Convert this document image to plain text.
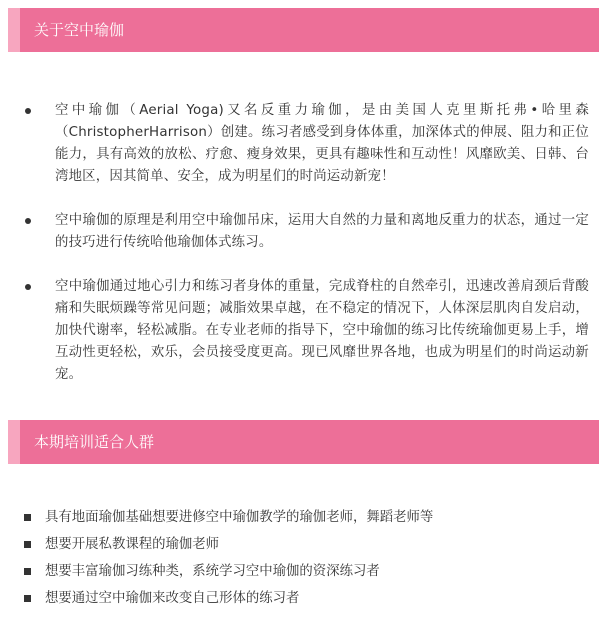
关于空中瑜伽
空中瑜伽（Aerial Yoga)又名反重力瑜伽，是由美国人克里斯托弗•哈里森（ChristopherHarrison）创建。练习者感受到身体体重，加深体式的伸展、阻力和正位能力，具有高效的放松、疗愈、瘦身效果，更具有趣味性和互动性！风靡欧美、日韩、台湾地区，因其简单、安全，成为明星们的时尚运动新宠！
空中瑜伽的原理是利用空中瑜伽吊床，运用大自然的力量和离地反重力的状态，通过一定的技巧进行传统哈他瑜伽体式练习。
空中瑜伽通过地心引力和练习者身体的重量，完成脊柱的自然牵引，迅速改善肩颈后背酸痛和失眠烦躁等常见问题；减脂效果卓越，在不稳定的情况下，人体深层肌肉自发启动，加快代谢率，轻松减脂。在专业老师的指导下，空中瑜伽的练习比传统瑜伽更易上手，增互动性更轻松，欢乐，会员接受度更高。现已风靡世界各地，也成为明星们的时尚运动新宠。
本期培训适合人群
具有地面瑜伽基础想要进修空中瑜伽教学的瑜伽老师，舞蹈老师等
想要开展私教课程的瑜伽老师
想要丰富瑜伽习练种类，系统学习空中瑜伽的资深练习者
想要通过空中瑜伽来改变自己形体的练习者
